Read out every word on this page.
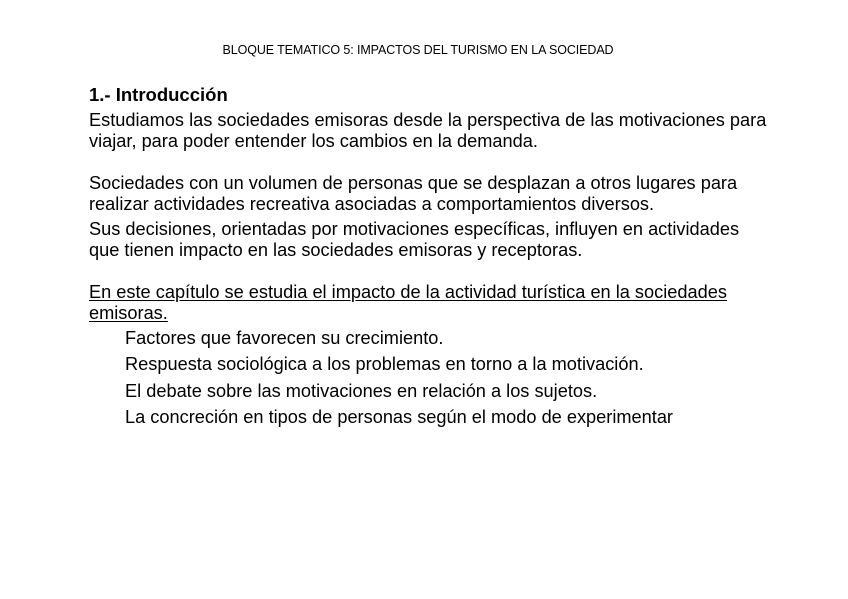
BLOQUE TEMATICO 5: IMPACTOS DEL TURISMO EN LA SOCIEDAD

1.- Introducción

Estudiamos las sociedades emisoras desde la perspectiva de las motivaciones para viajar, para poder entender los cambios en la demanda.

Sociedades con un volumen de personas que se desplazan a otros lugares para realizar actividades recreativa asociadas a comportamientos diversos.

Sus decisiones, orientadas por motivaciones específicas, influyen en actividades que tienen impacto en las sociedades emisoras y receptoras.

En este capítulo se estudia el impacto de la actividad turística en la sociedades emisoras.

Factores que favorecen su crecimiento.
Respuesta sociológica a los problemas en torno a la motivación.
El debate sobre las motivaciones en relación a los sujetos.
La concreción en tipos de personas según el modo de experimentar
